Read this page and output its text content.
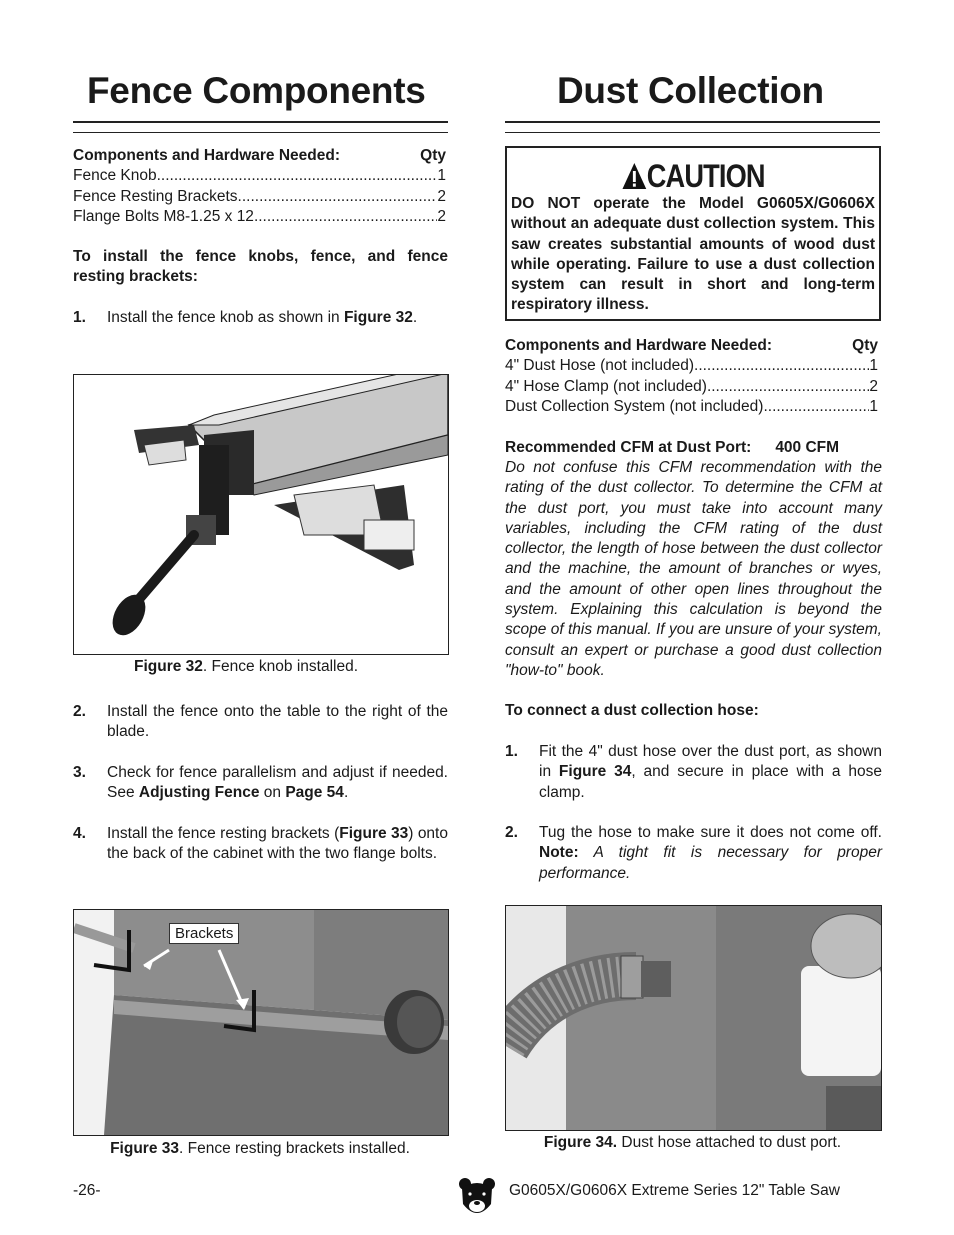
Fence Components
Components and Hardware Needed:	Qty
Fence Knob .....	1
Fence Resting Brackets .....	2
Flange Bolts M8-1.25 x 12 .....	2
To install the fence knobs, fence, and fence resting brackets:
1.	Install the fence knob as shown in Figure 32.
Figure 32. Fence knob installed.
2.	Install the fence onto the table to the right of the blade.
3.	Check for fence parallelism and adjust if needed. See Adjusting Fence on Page 54.
4.	Install the fence resting brackets (Figure 33) onto the back of the cabinet with the two flange bolts.
Brackets
Figure 33. Fence resting brackets installed.
Dust Collection
CAUTION
DO NOT operate the Model G0605X/G0606X without an adequate dust collection system. This saw creates substantial amounts of wood dust while operating. Failure to use a dust collection system can result in short and long-term respiratory illness.
Components and Hardware Needed:	Qty
4" Dust Hose (not included) .....	1
4" Hose Clamp (not included) .....	2
Dust Collection System (not included) .....	1
Recommended CFM at Dust Port: 400 CFM
Do not confuse this CFM recommendation with the rating of the dust collector. To determine the CFM at the dust port, you must take into account many variables, including the CFM rating of the dust collector, the length of hose between the dust collector and the machine, the amount of branches or wyes, and the amount of other open lines throughout the system. Explaining this calculation is beyond the scope of this manual. If you are unsure of your system, consult an expert or purchase a good dust collection "how-to" book.
To connect a dust collection hose:
1.	Fit the 4" dust hose over the dust port, as shown in Figure 34, and secure in place with a hose clamp.
2.	Tug the hose to make sure it does not come off. Note: A tight fit is necessary for proper performance.
Figure 34. Dust hose attached to dust port.
-26-	G0605X/G0606X Extreme Series 12" Table Saw
